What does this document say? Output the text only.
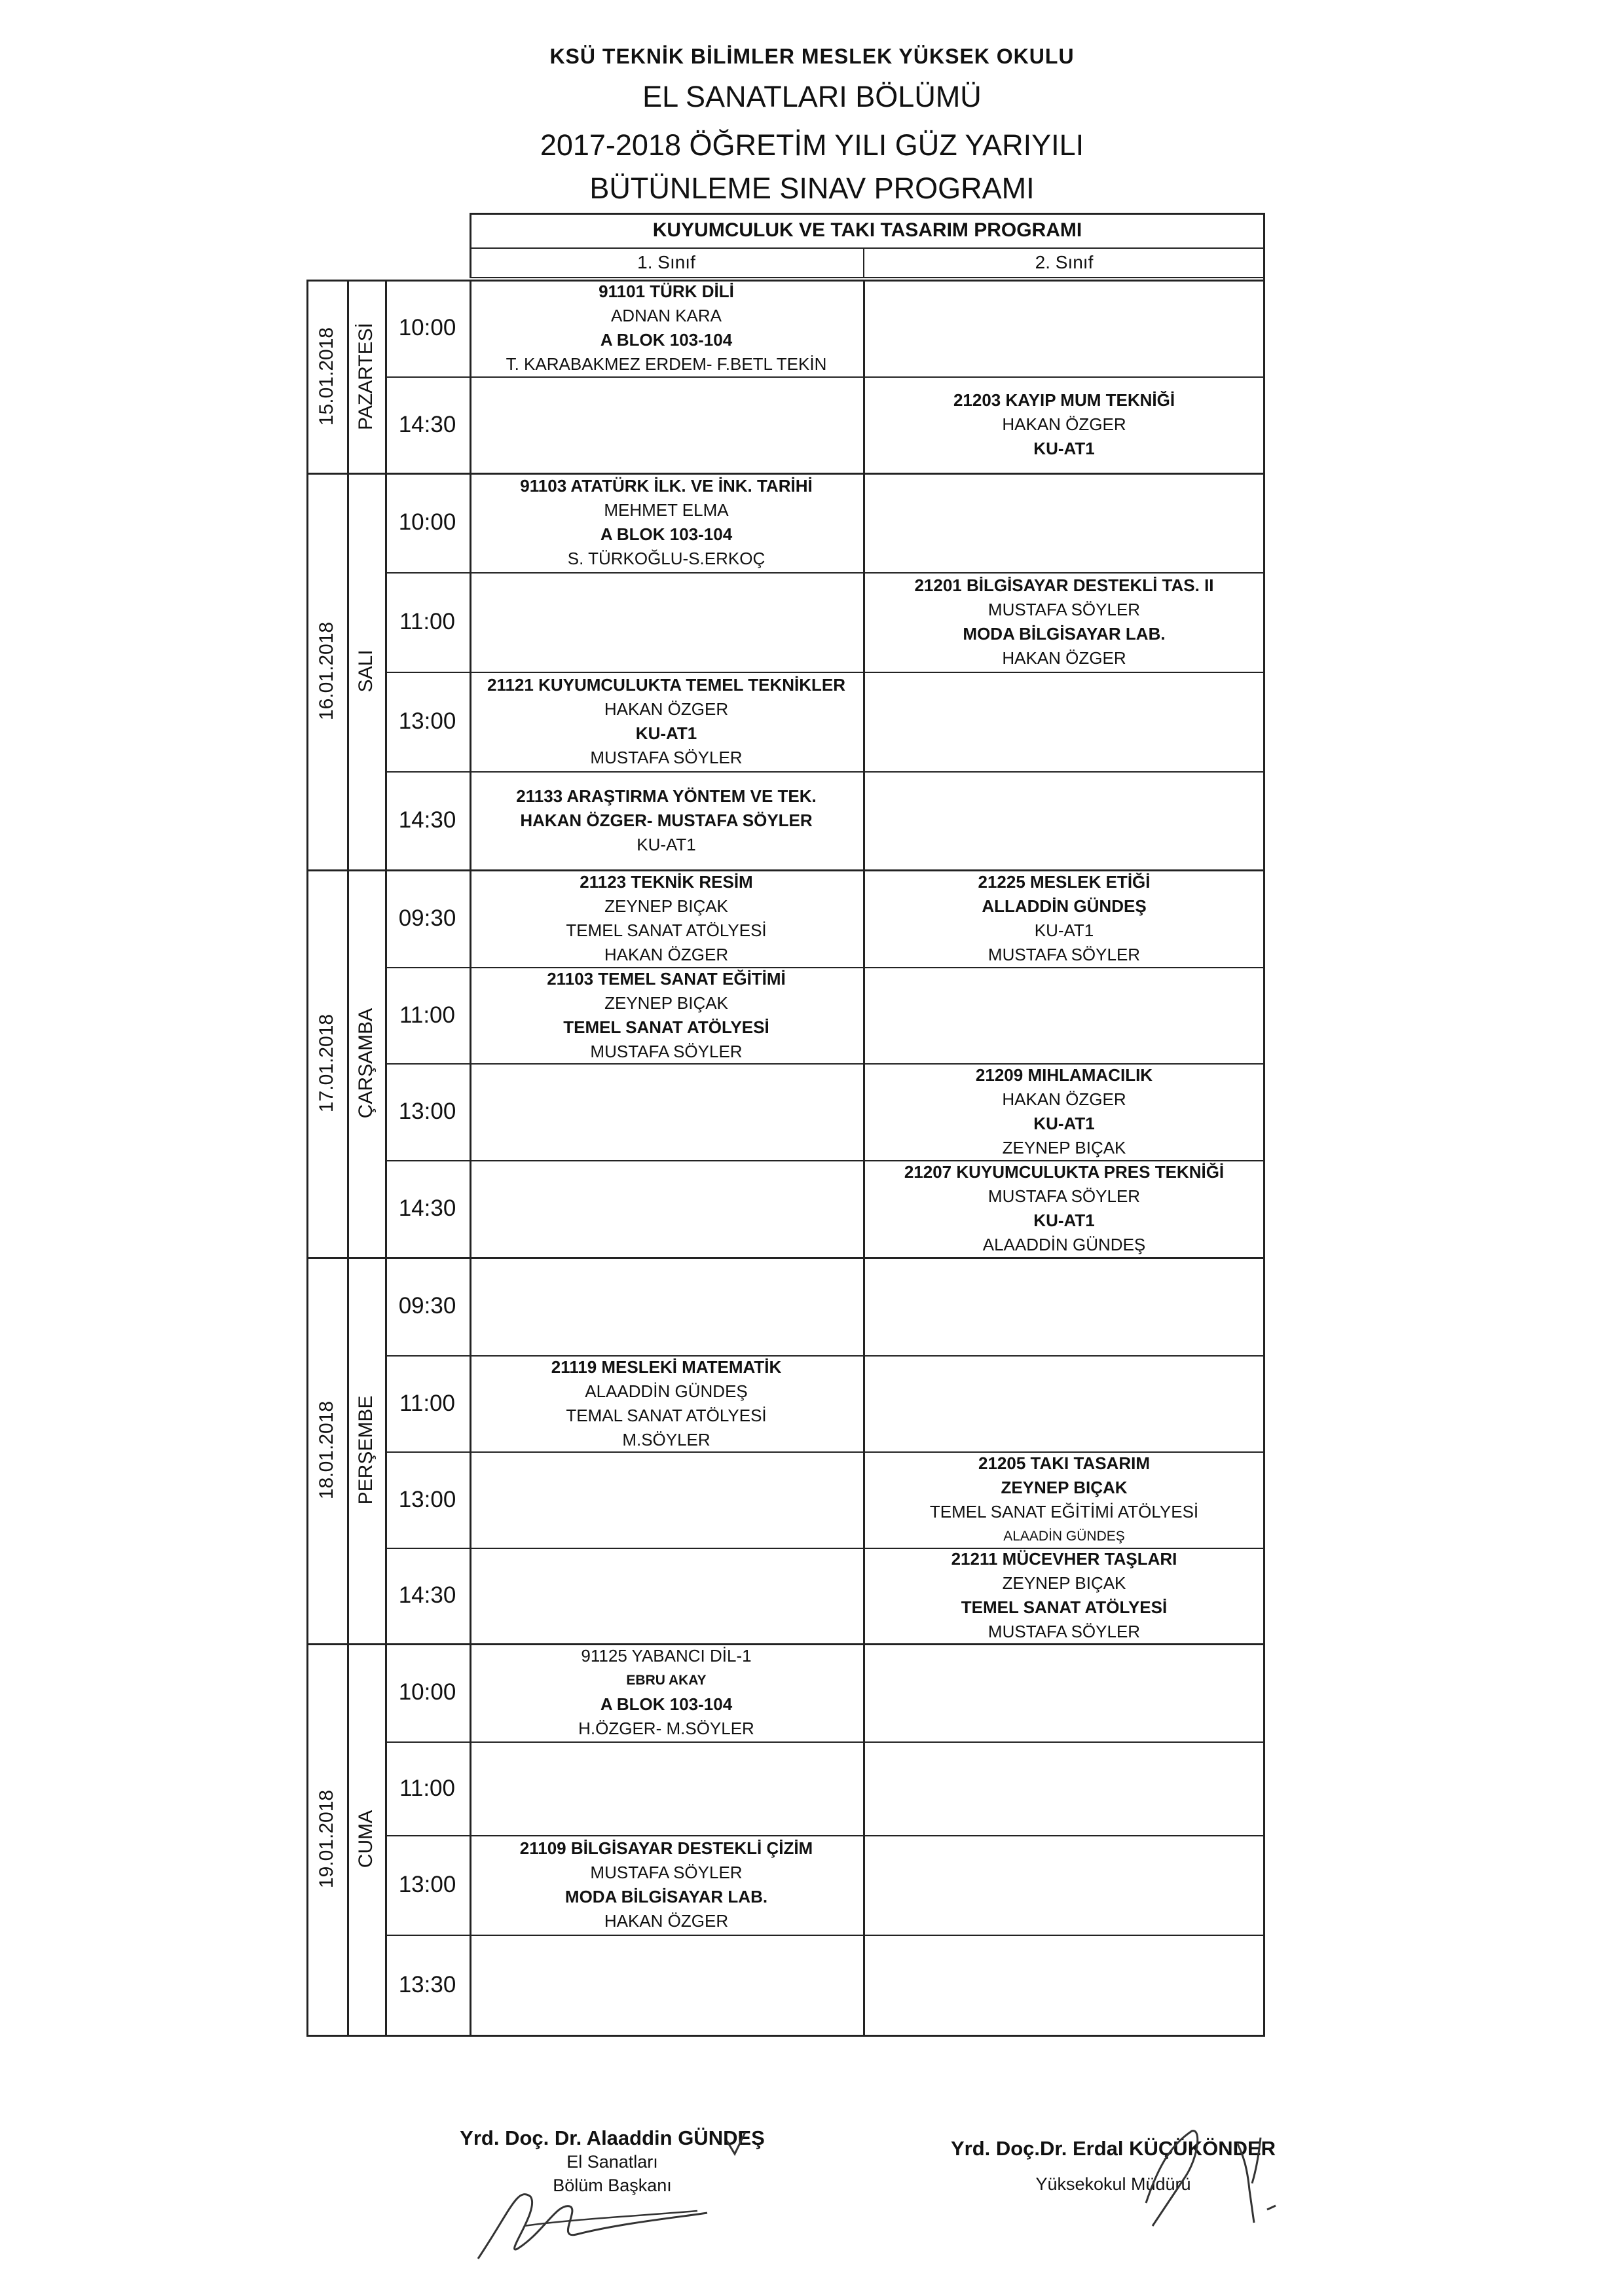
KSÜ TEKNİK BİLİMLER MESLEK YÜKSEK OKULU
EL SANATLARI BÖLÜMÜ
2017-2018 ÖĞRETİM YILI GÜZ YARIYILI
BÜTÜNLEME SINAV PROGRAMI
KUYUMCULUK VE TAKI TASARIM PROGRAMI
1. Sınıf	2. Sınıf
15.01.2018 PAZARTESİ 10:00
91101 TÜRK DİLİ
ADNAN KARA
A BLOK 103-104
T. KARABAKMEZ ERDEM- F.BETL TEKİN
14:30
21203 KAYIP MUM TEKNİĞİ
HAKAN ÖZGER
KU-AT1
16.01.2018 SALI
10:00
91103 ATATÜRK İLK. VE İNK. TARİHİ
MEHMET ELMA
A BLOK 103-104
S. TÜRKOĞLU-S.ERKOÇ
11:00
21201 BİLGİSAYAR DESTEKLİ TAS. II
MUSTAFA SÖYLER
MODA BİLGİSAYAR LAB.
HAKAN ÖZGER
13:00
21121 KUYUMCULUKTA TEMEL TEKNİKLER
HAKAN ÖZGER
KU-AT1
MUSTAFA SÖYLER
14:30
21133 ARAŞTIRMA YÖNTEM VE TEK.
HAKAN ÖZGER- MUSTAFA SÖYLER
KU-AT1
17.01.2018 ÇARŞAMBA
09:30
21123 TEKNİK RESİM
ZEYNEP BIÇAK
TEMEL SANAT ATÖLYESİ
HAKAN ÖZGER
21225 MESLEK ETİĞİ
ALLADDİN GÜNDEŞ
KU-AT1
MUSTAFA SÖYLER
11:00
21103 TEMEL SANAT EĞİTİMİ
ZEYNEP BIÇAK
TEMEL SANAT ATÖLYESİ
MUSTAFA SÖYLER
13:00
21209 MIHLAMACILIK
HAKAN ÖZGER
KU-AT1
ZEYNEP BIÇAK
14:30
21207 KUYUMCULUKTA PRES TEKNİĞİ
MUSTAFA SÖYLER
KU-AT1
ALAADDİN GÜNDEŞ
18.01.2018 PERŞEMBE
09:30
11:00
21119 MESLEKİ MATEMATİK
ALAADDİN GÜNDEŞ
TEMAL SANAT ATÖLYESİ
M.SÖYLER
13:00
21205 TAKI TASARIM
ZEYNEP BIÇAK
TEMEL SANAT EĞİTİMİ ATÖLYESİ
ALAADİN GÜNDEŞ
14:30
21211 MÜCEVHER TAŞLARI
ZEYNEP BIÇAK
TEMEL SANAT ATÖLYESİ
MUSTAFA SÖYLER
19.01.2018 CUMA
10:00
91125 YABANCI DİL-1
EBRU AKAY
A BLOK 103-104
H.ÖZGER- M.SÖYLER
11:00
13:00
21109 BİLGİSAYAR DESTEKLİ ÇİZİM
MUSTAFA SÖYLER
MODA BİLGİSAYAR LAB.
HAKAN ÖZGER
13:30
Yrd. Doç. Dr. Alaaddin GÜNDEŞ
El Sanatları
Bölüm Başkanı
Yrd. Doç.Dr. Erdal KÜÇÜKÖNDER
Yüksekokul Müdürü
